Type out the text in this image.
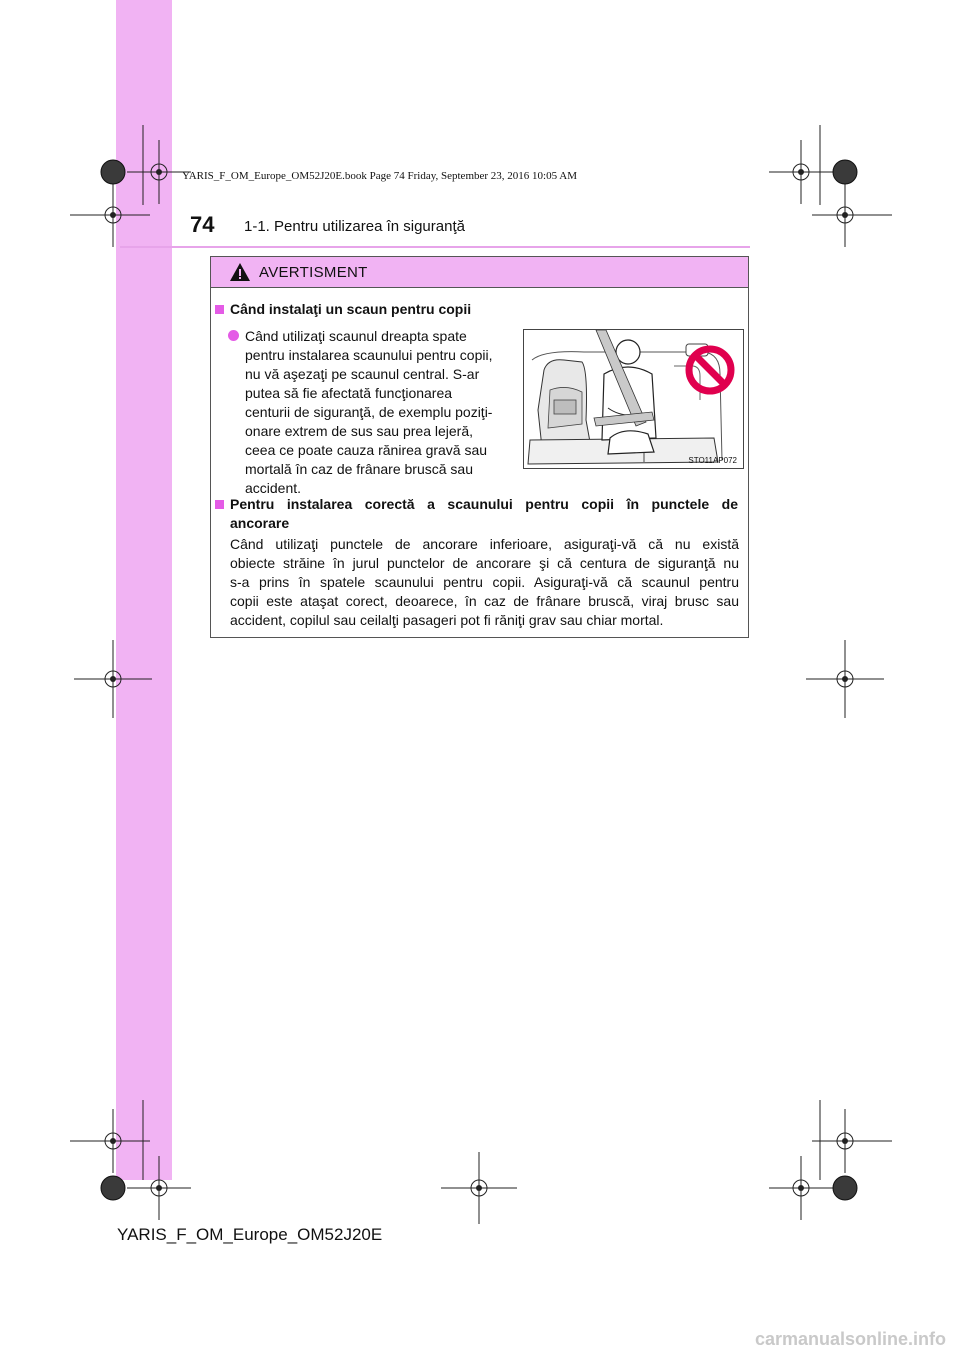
YARIS_F_OM_Europe_OM52J20E.book Page 74 Friday, September 23, 2016 10:05 AM
74 1-1. Pentru utilizarea în siguranţă
AVERTISMENT
Când instalaţi un scaun pentru copii
Când utilizaţi scaunul dreapta spate
pentru instalarea scaunului pentru copii,
nu vă aşezaţi pe scaunul central. S-ar
putea să fie afectată funcţionarea
centurii de siguranţă, de exemplu poziţi-
onare extrem de sus sau prea lejeră,
ceea ce poate cauza rănirea gravă sau
mortală în caz de frânare bruscă sau
accident.
STO11AP072
Pentru instalarea corectă a scaunului pentru copii în punctele de
ancorare
Când utilizaţi punctele de ancorare inferioare, asiguraţi-vă că nu există
obiecte străine în jurul punctelor de ancorare şi că centura de siguranţă nu
s-a prins în spatele scaunului pentru copii. Asiguraţi-vă că scaunul pentru
copii este ataşat corect, deoarece, în caz de frânare bruscă, viraj brusc sau
accident, copilul sau ceilalţi pasageri pot fi răniţi grav sau chiar mortal.
YARIS_F_OM_Europe_OM52J20E
carmanualsonline.info
